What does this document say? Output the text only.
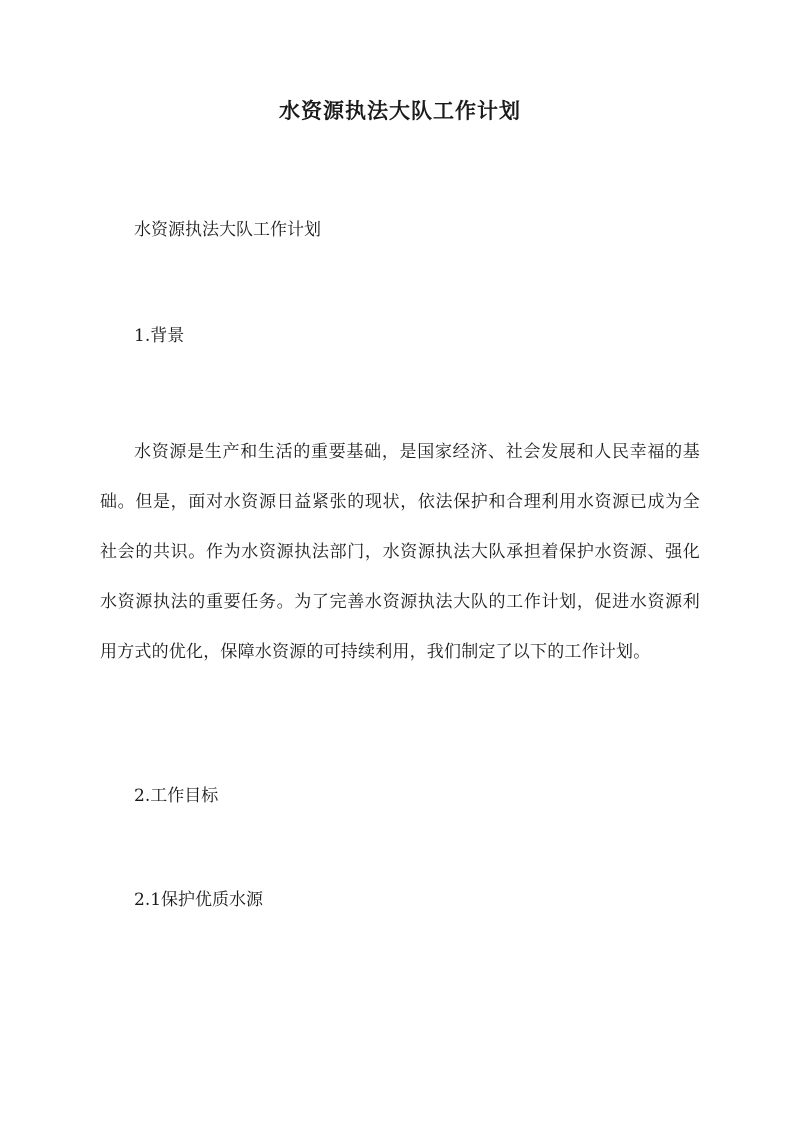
水资源执法大队工作计划
水资源执法大队工作计划
1.背景
水资源是生产和生活的重要基础，是国家经济、社会发展和人民幸福的基础。但是，面对水资源日益紧张的现状，依法保护和合理利用水资源已成为全社会的共识。作为水资源执法部门，水资源执法大队承担着保护水资源、强化水资源执法的重要任务。为了完善水资源执法大队的工作计划，促进水资源利用方式的优化，保障水资源的可持续利用，我们制定了以下的工作计划。
2.工作目标
2.1保护优质水源
